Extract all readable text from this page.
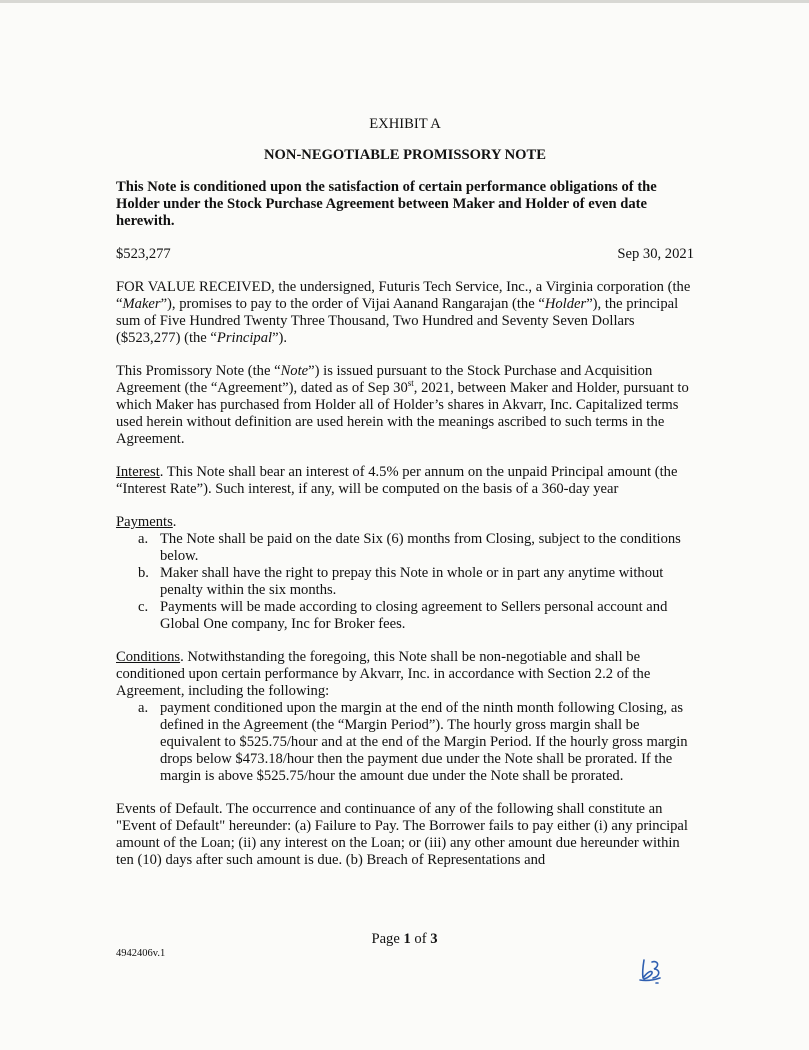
EXHIBIT A

NON-NEGOTIABLE PROMISSORY NOTE

This Note is conditioned upon the satisfaction of certain performance obligations of the Holder under the Stock Purchase Agreement between Maker and Holder of even date herewith.

$523,277	Sep 30, 2021

FOR VALUE RECEIVED, the undersigned, Futuris Tech Service, Inc., a Virginia corporation (the “Maker”), promises to pay to the order of Vijai Aanand Rangarajan (the “Holder”), the principal sum of Five Hundred Twenty Three Thousand, Two Hundred and Seventy Seven Dollars ($523,277) (the “Principal”).

This Promissory Note (the “Note”) is issued pursuant to the Stock Purchase and Acquisition Agreement (the “Agreement”), dated as of Sep 30st, 2021, between Maker and Holder, pursuant to which Maker has purchased from Holder all of Holder’s shares in Akvarr, Inc. Capitalized terms used herein without definition are used herein with the meanings ascribed to such terms in the Agreement.

Interest. This Note shall bear an interest of 4.5% per annum on the unpaid Principal amount (the “Interest Rate”). Such interest, if any, will be computed on the basis of a 360-day year

Payments.

a. The Note shall be paid on the date Six (6) months from Closing, subject to the conditions below.
b. Maker shall have the right to prepay this Note in whole or in part any anytime without penalty within the six months.
c. Payments will be made according to closing agreement to Sellers personal account and Global One company, Inc for Broker fees.

Conditions. Notwithstanding the foregoing, this Note shall be non-negotiable and shall be conditioned upon certain performance by Akvarr, Inc. in accordance with Section 2.2 of the Agreement, including the following:

a. payment conditioned upon the margin at the end of the ninth month following Closing, as defined in the Agreement (the “Margin Period”). The hourly gross margin shall be equivalent to $525.75/hour and at the end of the Margin Period. If the hourly gross margin drops below $473.18/hour then the payment due under the Note shall be prorated. If the margin is above $525.75/hour the amount due under the Note shall be prorated.

Events of Default. The occurrence and continuance of any of the following shall constitute an "Event of Default" hereunder: (a) Failure to Pay. The Borrower fails to pay either (i) any principal amount of the Loan; (ii) any interest on the Loan; or (iii) any other amount due hereunder within ten (10) days after such amount is due. (b) Breach of Representations and

Page 1 of 3
4942406v.1
